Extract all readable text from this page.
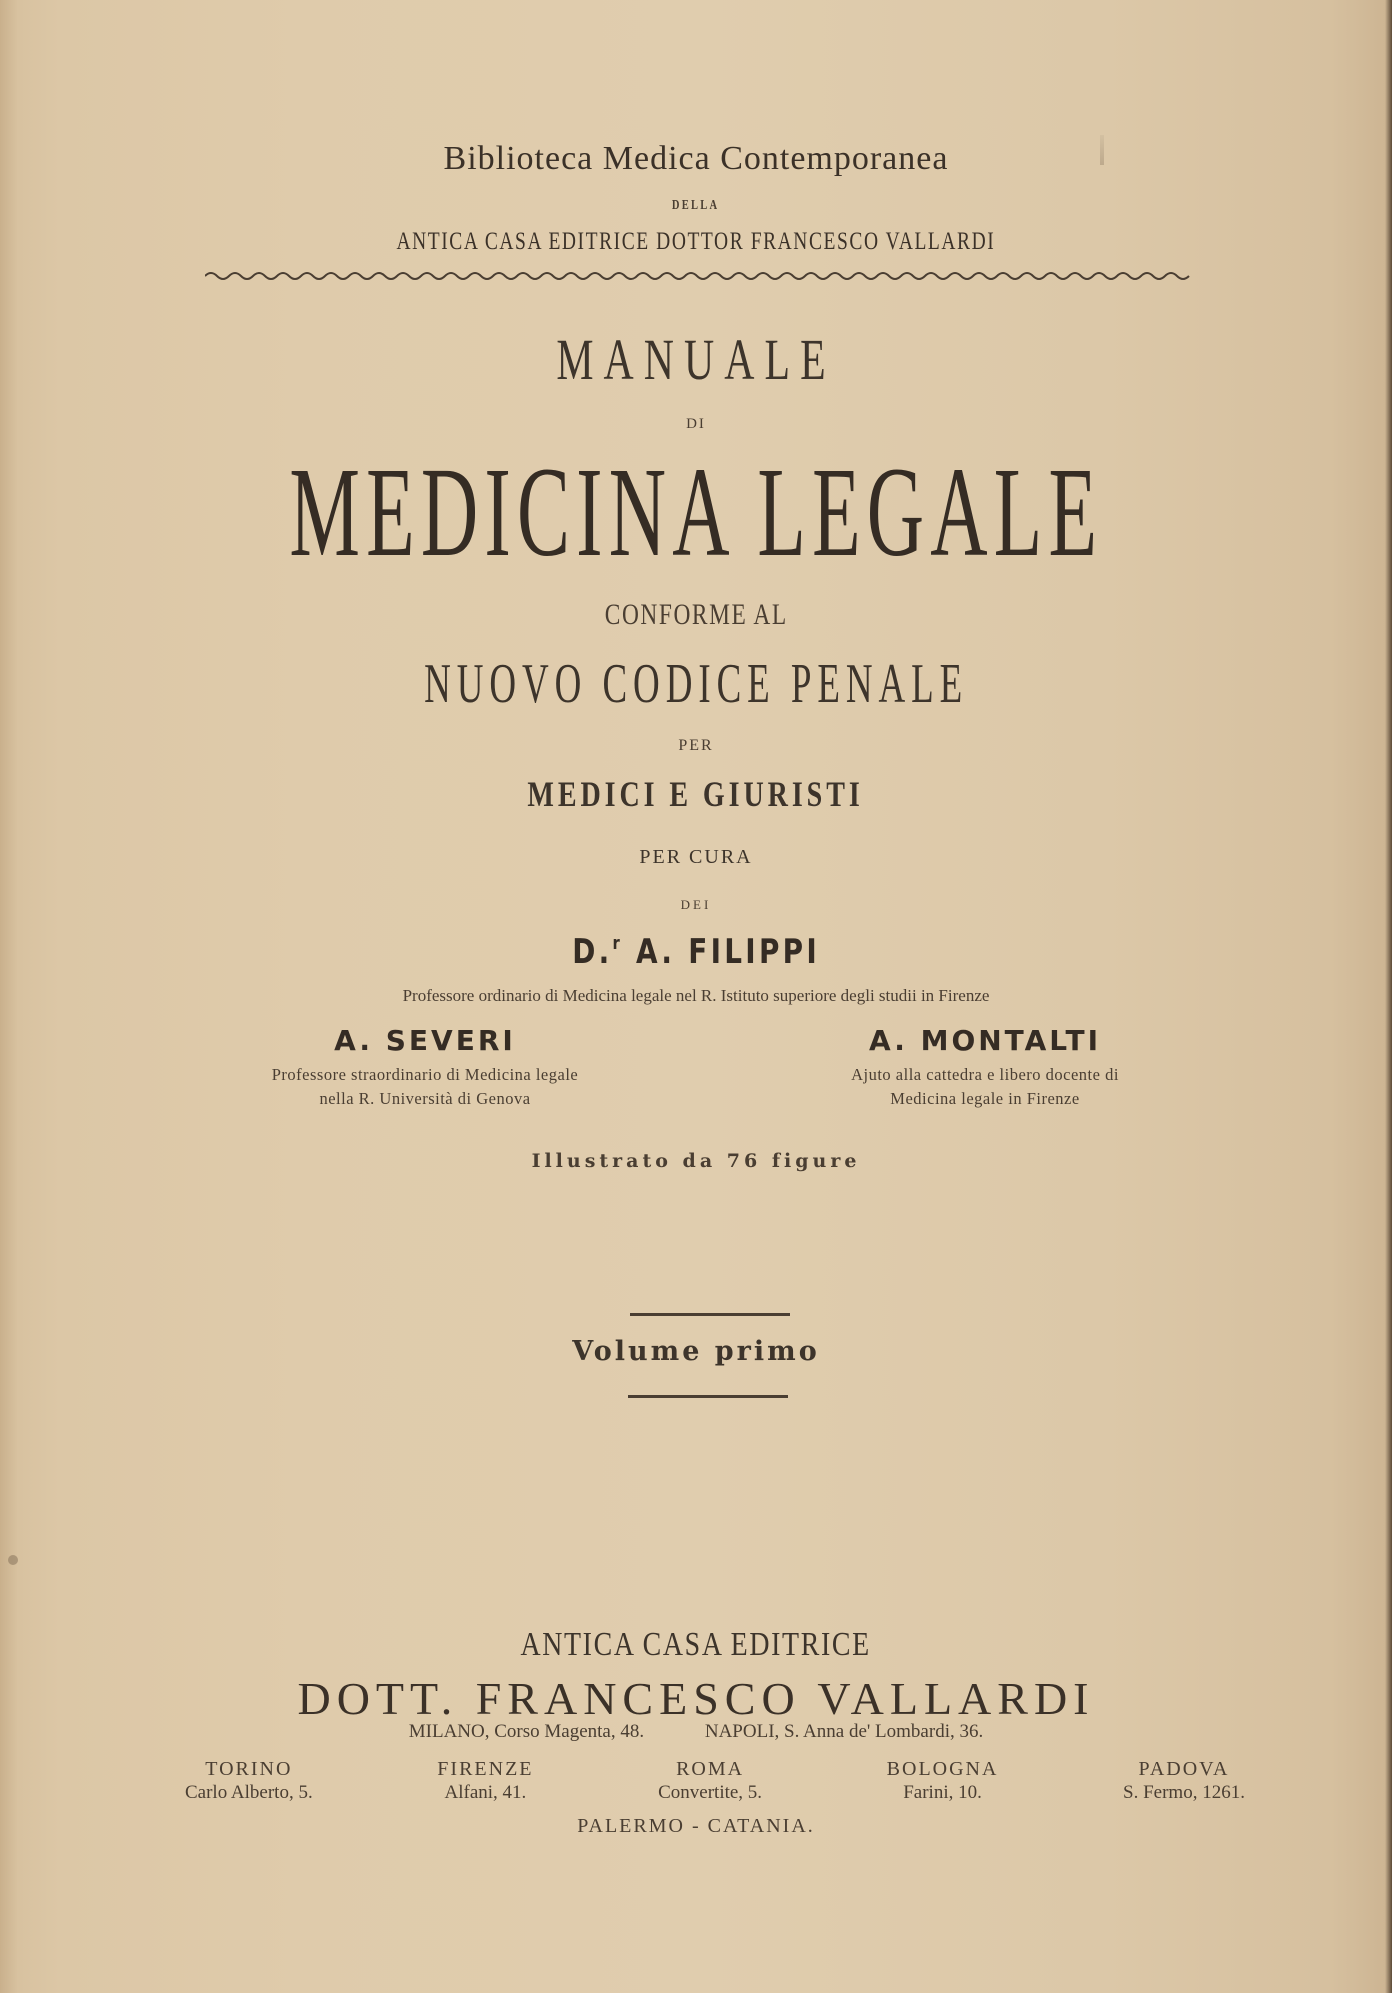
Biblioteca Medica Contemporanea
DELLA
ANTICA CASA EDITRICE DOTTOR FRANCESCO VALLARDI
MANUALE
DI
MEDICINA LEGALE
CONFORME AL
NUOVO CODICE PENALE
PER
MEDICI E GIURISTI
PER CURA
DEI
D.$^r$ A. FILIPPI
Professore ordinario di Medicina legale nel R. Istituto superiore degli studii in Firenze
A. SEVERI
Professore straordinario di Medicina legale
nella R. Università di Genova
A. MONTALTI
Ajuto alla cattedra e libero docente di
Medicina legale in Firenze
Illustrato da 76 figure
Volume primo
ANTICA CASA EDITRICE
DOTT. FRANCESCO VALLARDI
MILANO, Corso Magenta, 48.	NAPOLI, S. Anna de' Lombardi, 36.
TORINO
Carlo Alberto, 5.
FIRENZE
Alfani, 41.
ROMA
Convertite, 5.
BOLOGNA
Farini, 10.
PADOVA
S. Fermo, 1261.
PALERMO - CATANIA.
